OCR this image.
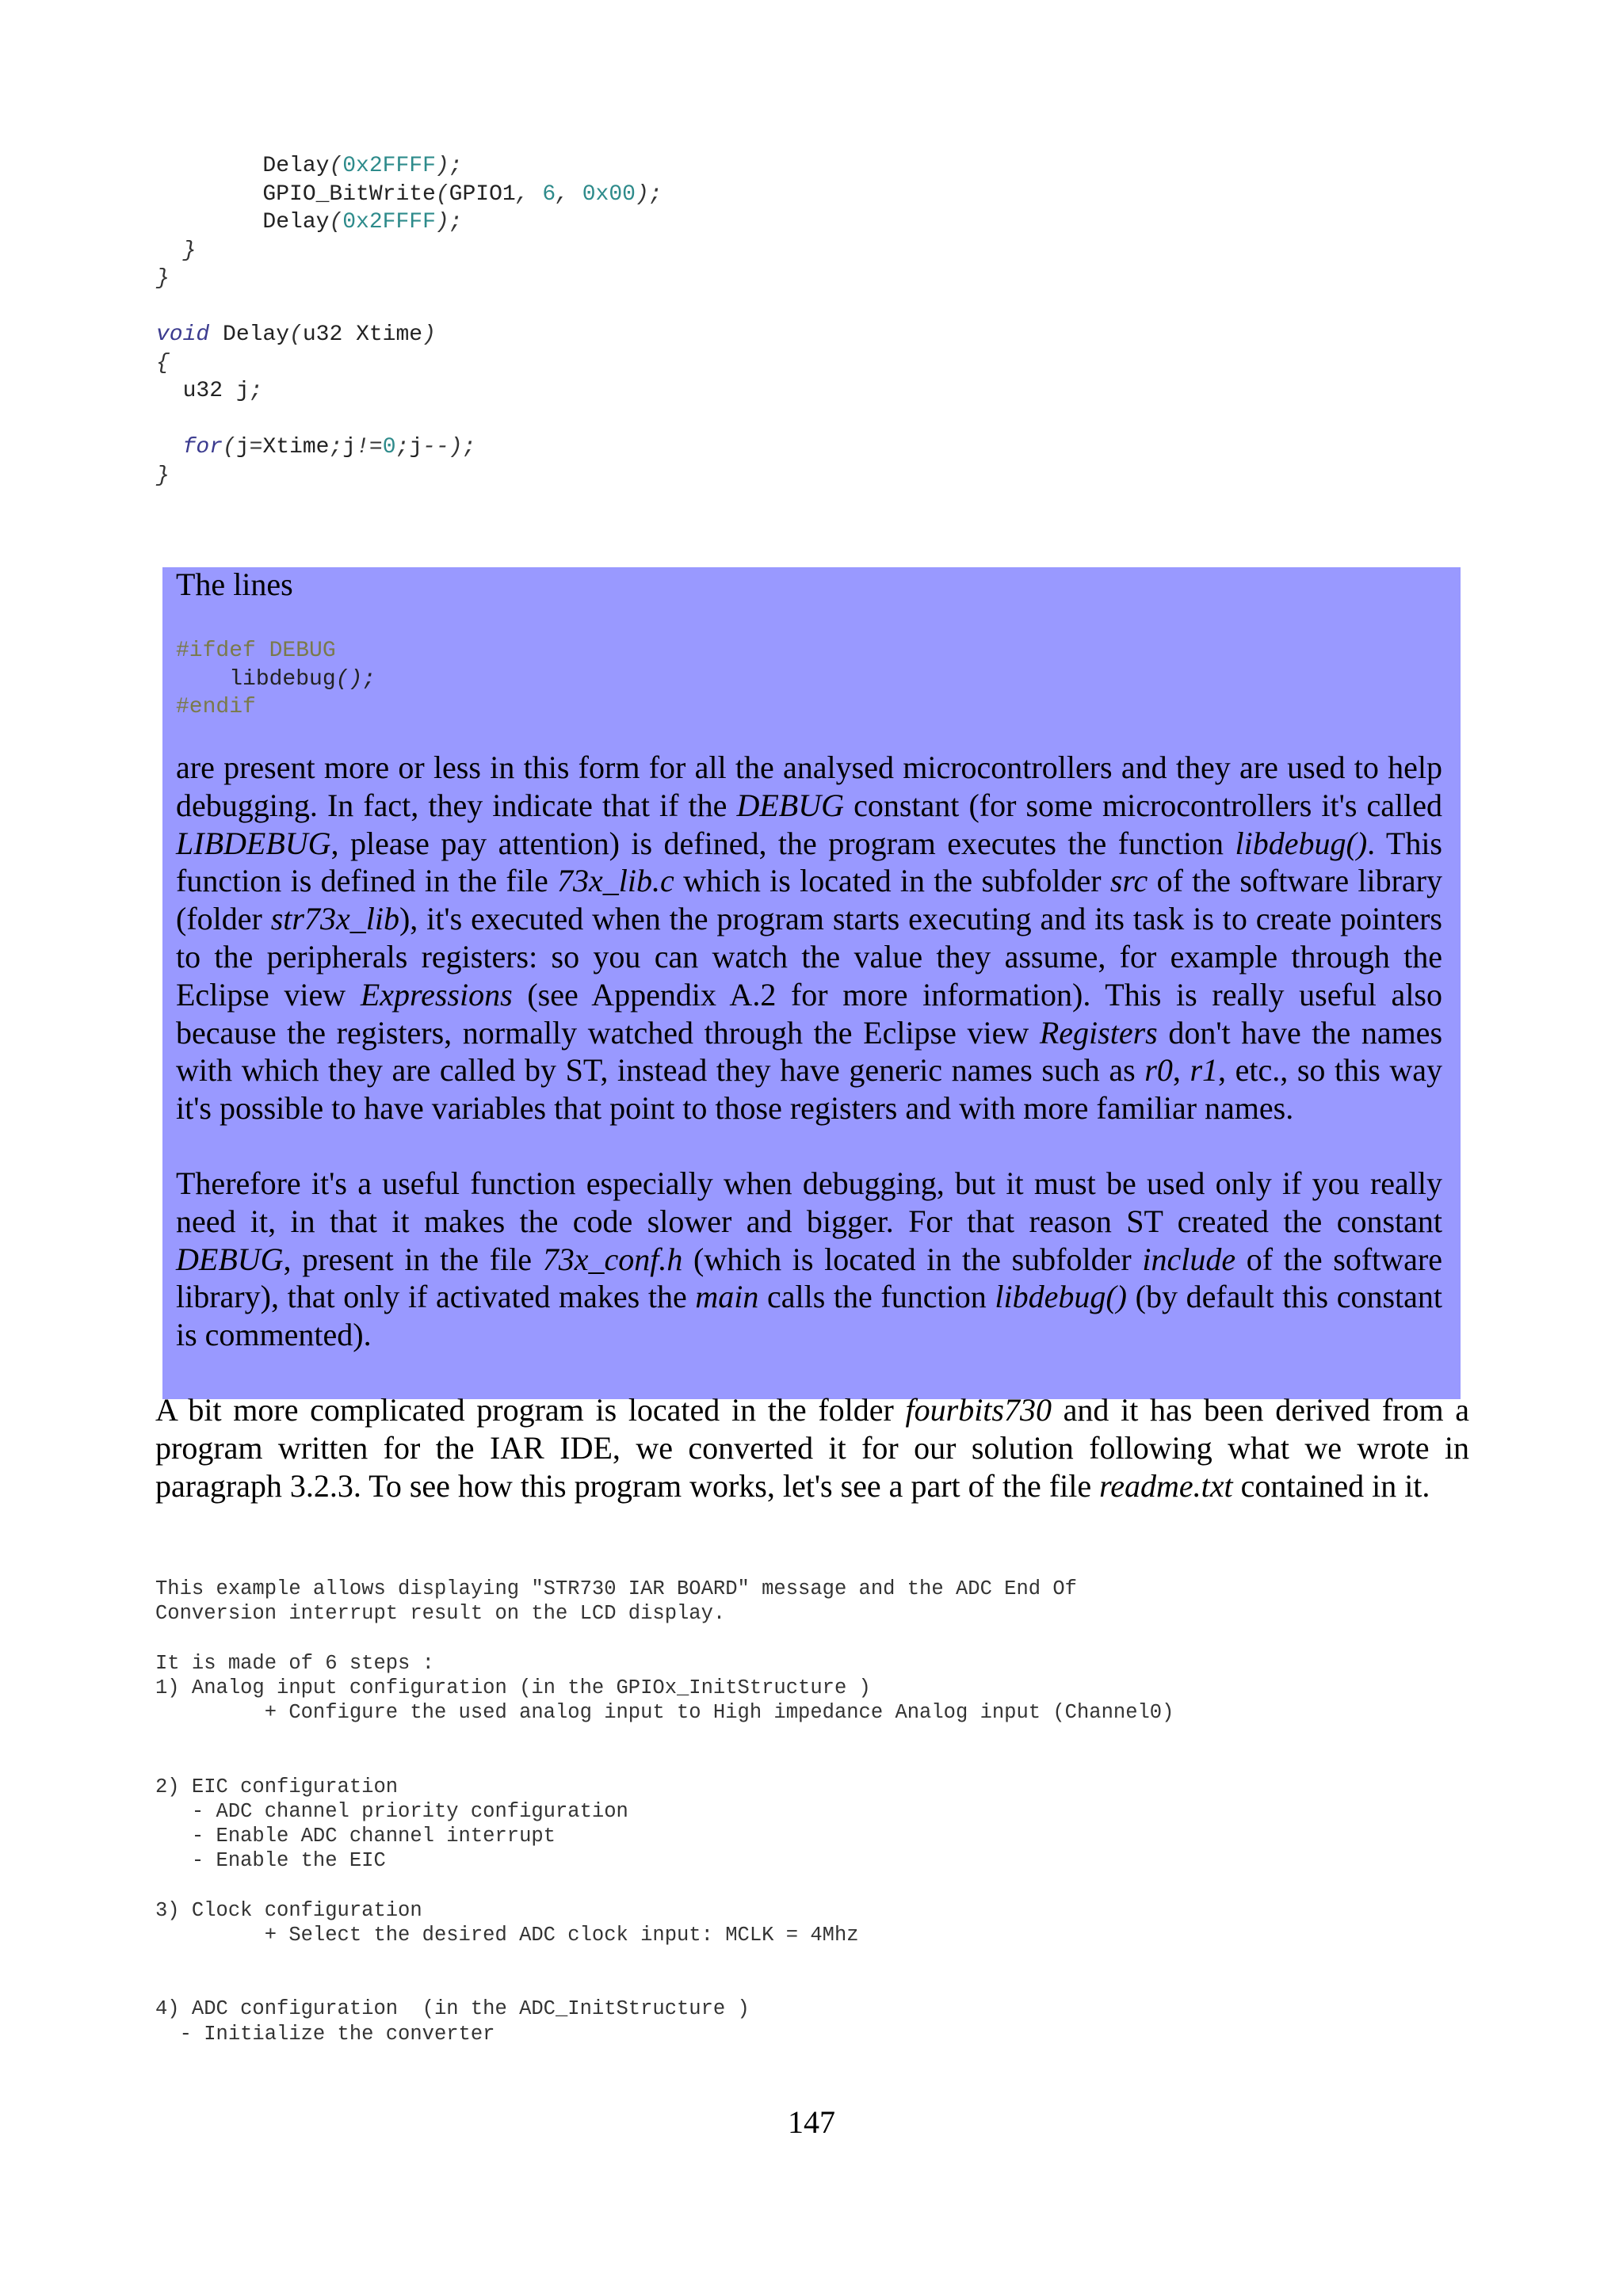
Delay(0x2FFFF);
GPIO_BitWrite(GPIO1, 6, 0x00);
Delay(0x2FFFF);
}
}

void Delay(u32 Xtime)
{
u32 j;

for(j=Xtime;j!=0;j--);
}
The lines
#ifdef DEBUG
libdebug();
#endif

are present more or less in this form for all the analysed microcontrollers and they are used to help debugging. In fact, they indicate that if the DEBUG constant (for some microcontrollers it's called LIBDEBUG, please pay attention) is defined, the program executes the function libdebug(). This function is defined in the file 73x_lib.c which is located in the subfolder src of the software library (folder str73x_lib), it's executed when the program starts executing and its task is to create pointers to the peripherals registers: so you can watch the value they assume, for example through the Eclipse view Expressions (see Appendix A.2 for more information). This is really useful also because the registers, normally watched through the Eclipse view Registers don't have the names with which they are called by ST, instead they have generic names such as r0, r1, etc., so this way it's possible to have variables that point to those registers and with more familiar names.

Therefore it's a useful function especially when debugging, but it must be used only if you really need it, in that it makes the code slower and bigger. For that reason ST created the constant DEBUG, present in the file 73x_conf.h (which is located in the subfolder include of the software library), that only if activated makes the main calls the function libdebug() (by default this constant is commented).

A bit more complicated program is located in the folder fourbits730 and it has been derived from a program written for the IAR IDE, we converted it for our solution following what we wrote in paragraph 3.2.3. To see how this program works, let's see a part of the file readme.txt contained in it.

This example allows displaying "STR730 IAR BOARD" message and the ADC End Of
Conversion interrupt result on the LCD display.

It is made of 6 steps :
1) Analog input configuration (in the GPIOx_InitStructure )
+ Configure the used analog input to High impedance Analog input (Channel0)

2) EIC configuration
- ADC channel priority configuration
- Enable ADC channel interrupt
- Enable the EIC

3) Clock configuration
+ Select the desired ADC clock input: MCLK = 4Mhz

4) ADC configuration  (in the ADC_InitStructure )
- Initialize the converter
147
